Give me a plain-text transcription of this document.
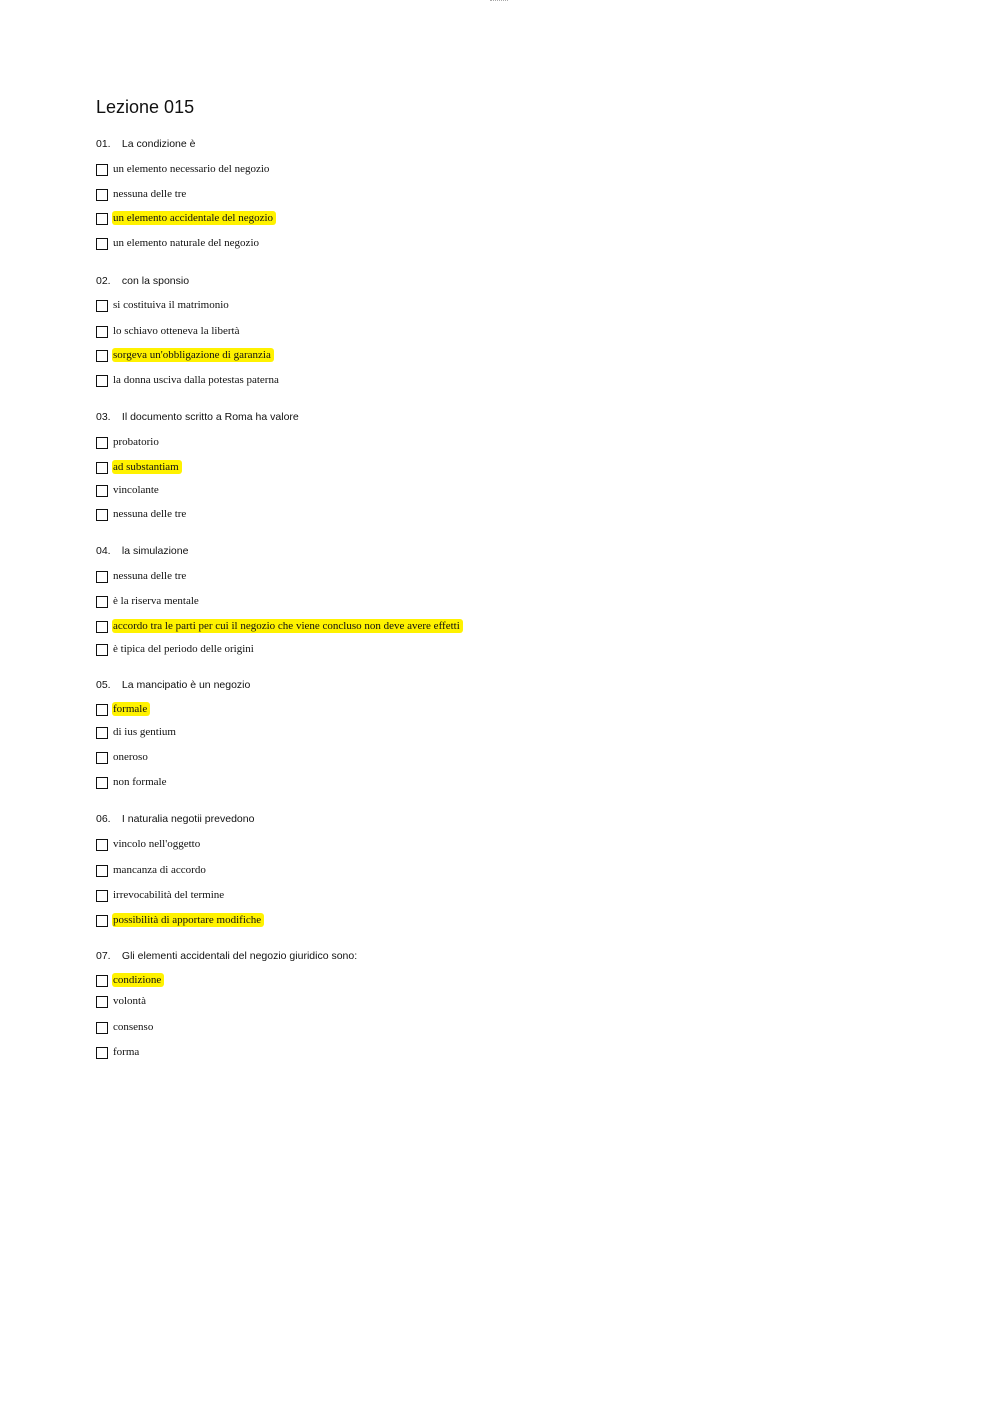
Lezione 015
01. La condizione è
un elemento necessario del negozio
nessuna delle tre
un elemento accidentale del negozio
un elemento naturale del negozio
02. con la sponsio
si costituiva il matrimonio
lo schiavo otteneva la libertà
sorgeva un'obbligazione di garanzia
la donna usciva dalla potestas paterna
03. Il documento scritto a Roma ha valore
probatorio
ad substantiam
vincolante
nessuna delle tre
04. la simulazione
nessuna delle tre
è la riserva mentale
accordo tra le parti per cui il negozio che viene concluso non deve avere effetti
è tipica del periodo delle origini
05. La mancipatio è un negozio
formale
di ius gentium
oneroso
non formale
06. I naturalia negotii prevedono
vincolo nell'oggetto
mancanza di accordo
irrevocabilità del termine
possibilità di apportare modifiche
07. Gli elementi accidentali del negozio giuridico sono:
condizione
volontà
consenso
forma
